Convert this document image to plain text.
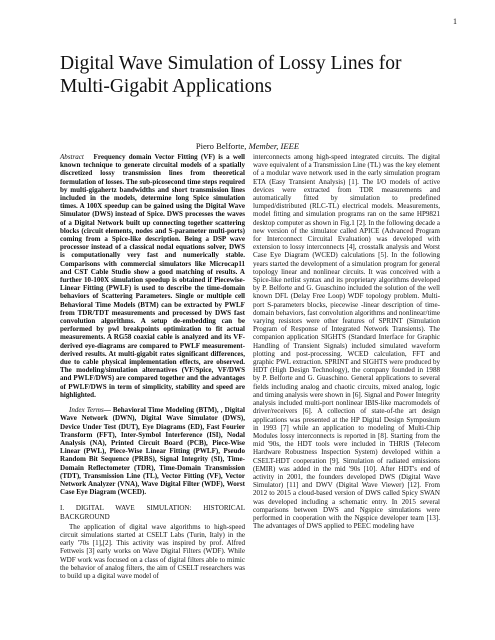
1
Digital Wave Simulation of Lossy Lines for Multi-Gigabit Applications
Piero Belforte, Member, IEEE

Abstract Frequency domain Vector Fitting (VF) is a well known technique to generate circuital models of a spatially discretized lossy transmission lines from theoretical formulation of losses. The sub-picosecond time steps required by multi-gigahertz bandwidths and short transmission lines included in the models, determine long Spice simulation times. A 100X speedup can be gained using the Digital Wave Simulator (DWS) instead of Spice. DWS processes the waves of a Digital Network built up connecting together scattering blocks (circuit elements, nodes and S-parameter multi-ports) coming from a Spice-like description. Being a DSP wave processor instead of a classical nodal equations solver, DWS is computationally very fast and numerically stable. Comparisons with commercial simulators like Microcap11 and CST Cable Studio show a good matching of results. A further 10-100X simulation speedup is obtained if Piecewise-Linear Fitting (PWLF) is used to describe the time-domain behaviors of Scattering Parameters. Single or multiple cell Behavioral Time Models (BTM) can be extracted by PWLF from TDR/TDT measurements and processed by DWS fast convolution algorithms. A setup de-embedding can be performed by pwl breakpoints optimization to fit actual measurements. A RG58 coaxial cable is analyzed and its VF-derived eye-diagrams are compared to PWLF measurement-derived results. At multi-gigabit rates significant differences, due to cable physical implementation effects, are observed. The modeling/simulation alternatives (VF/Spice, VF/DWS and PWLF/DWS) are compared together and the advantages of PWLF/DWS in term of simplicity, stability and speed are highlighted.

Index Terms— Behavioral Time Modeling (BTM), , Digital Wave Network (DWN), Digital Wave Simulator (DWS), Device Under Test (DUT), Eye Diagrams (ED), Fast Fourier Transform (FFT), Inter-Symbol Interference (ISI), Nodal Analysis (NA), Printed Circuit Board (PCB), Piece-Wise Linear (PWL), Piece-Wise Linear Fitting (PWLF), Pseudo Random Bit Sequence (PRBS), Signal Integrity (SI), Time-Domain Reflectometer (TDR), Time-Domain Transmission (TDT), Transmission Line (TL), Vector Fitting (VF), Vector Network Analyzer (VNA), Wave Digital Filter (WDF), Worst Case Eye Diagram (WCED).

I. DIGITAL WAVE SIMULATION: HISTORICAL BACKGROUND

The application of digital wave algorithms to high-speed circuit simulations started at CSELT Labs (Turin, Italy) in the early '70s [1],[2]. This activity was inspired by prof. Alfred Fettweis [3] early works on Wave Digital Filters (WDF). While WDF work was focused on a class of digital filters able to mimic the behavior of analog filters, the aim of CSELT researchers was to build up a digital wave model of

interconnects among high-speed integrated circuits. The digital wave equivalent of a Transmission Line (TL) was the key element of a modular wave network used in the early simulation program ETA (Easy Transient Analysis) [1]. The I/O models of active devices were extracted from TDR measurements and automatically fitted by simulation to predefined lumped/distributed (RLC-TL) electrical models. Measurements, model fitting and simulation programs ran on the same HP9821 desktop computer as shown in Fig.1 [2]. In the following decade a new version of the simulator called APICE (Advanced Program for Interconnect Circuital Evaluation) was developed with extension to lossy interconnects [4], crosstalk analysis and Worst Case Eye Diagram (WCED) calculations [5]. In the following years started the development of a simulation program for general topology linear and nonlinear circuits. It was conceived with a Spice-like netlist syntax and its proprietary algorithms developed by P. Belforte and G. Guaschino included the solution of the well known DFL (Delay Free Loop) WDF topology problem. Multi-port S-parameters blocks, piecewise -linear description of time-domain behaviors, fast convolution algorithms and nonlinear/time varying resistors were other features of SPRINT (Simulation Program of Response of Integrated Network Transients). The companion application SIGHTS (Standard Interface for Graphic Handling of Transient Signals) included simulated waveform plotting and post-processing. WCED calculation, FFT and graphic PWL extraction. SPRINT and SIGHTS were produced by HDT (High Design Technology), the company founded in 1988 by P. Belforte and G. Guaschino. General applications to several fields including analog and chaotic circuits, mixed analog, logic and timing analysis were shown in [6]. Signal and Power Integrity analysis included multi-port nonlinear IBIS-like macromodels of driver/receivers [6]. A collection of state-of-the art design applications was presented at the HP Digital Design Symposium in 1993 [7] while an application to modeling of Multi-Chip Modules lossy interconnects is reported in [8]. Starting from the mid '90s, the HDT tools were included in THRIS (Telecom Hardware Robustness Inspection System) developed within a CSELT-HDT cooperation [9]. Simulation of radiated emissions (EMIR) was added in the mid '90s [10]. After HDT's end of activity in 2001, the founders developed DWS (Digital Wave Simulator) [11] and DWV (Digital Wave Viewer) [12]. From 2012 to 2015 a cloud-based version of DWS called Spicy SWAN was developed including a schematic entry. In 2015 several comparisons between DWS and Ngspice simulations were performed in cooperation with the Ngspice developer team [13]. The advantages of DWS applied to PEEC modeling have
